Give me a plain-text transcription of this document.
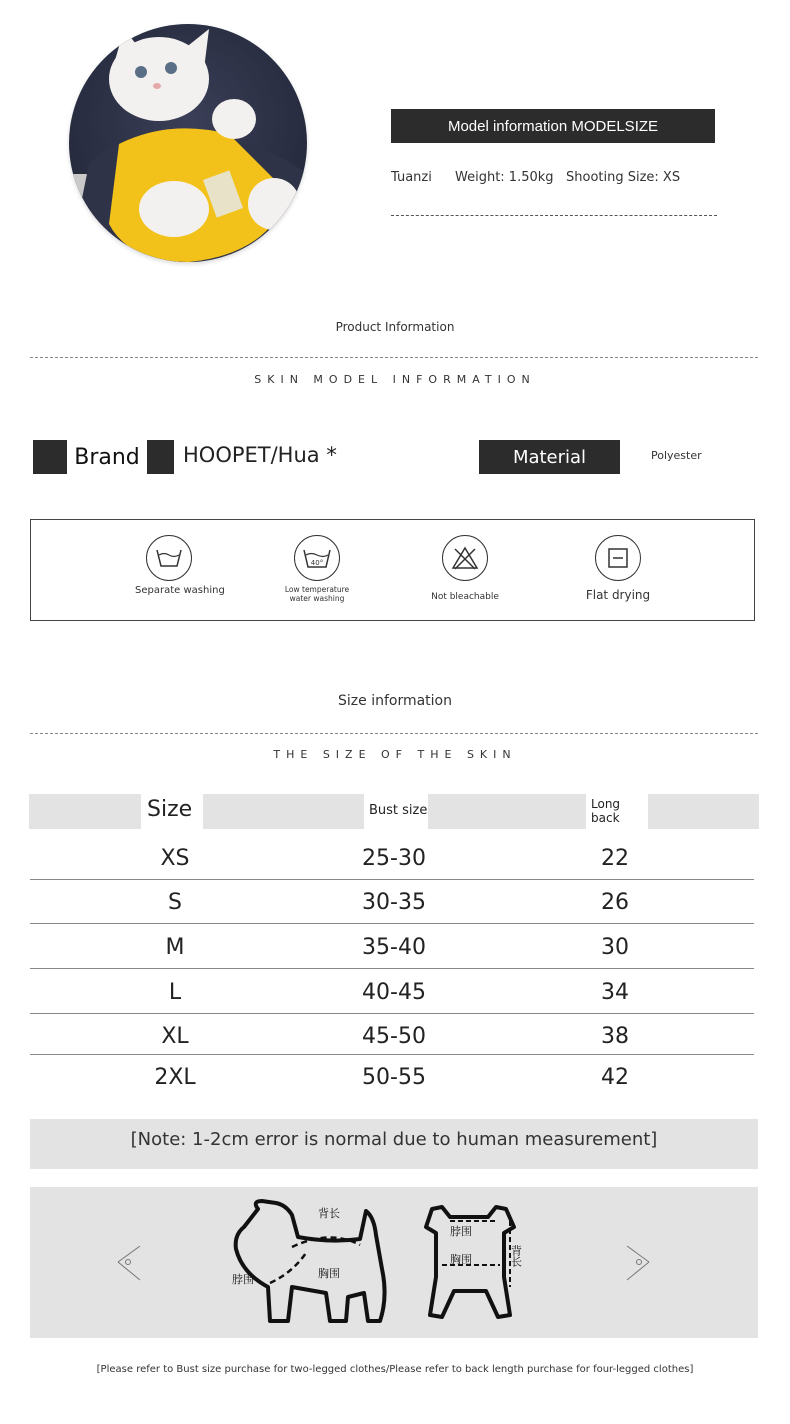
Model information MODELSIZE
Tuanzi Weight: 1.50kg Shooting Size: XS
Product Information
SKIN MODEL INFORMATION
Brand	HOOPET/Hua *	Material	Polyester
Separate washing
40°
Low temperature water washing	Not bleachable	Flat drying
Size information
THE SIZE OF THE SKIN
Size	Bust size	Long back
XS	25-30	22
S	30-35	26
M	35-40	30
L	40-45	34
XL	45-50	38
2XL	50-55	42
[Note: 1-2cm error is normal due to human measurement]
背长
脖围	胸围
脖围
胸围	背长
[Please refer to Bust size purchase for two-legged clothes/Please refer to back length purchase for four-legged clothes]
